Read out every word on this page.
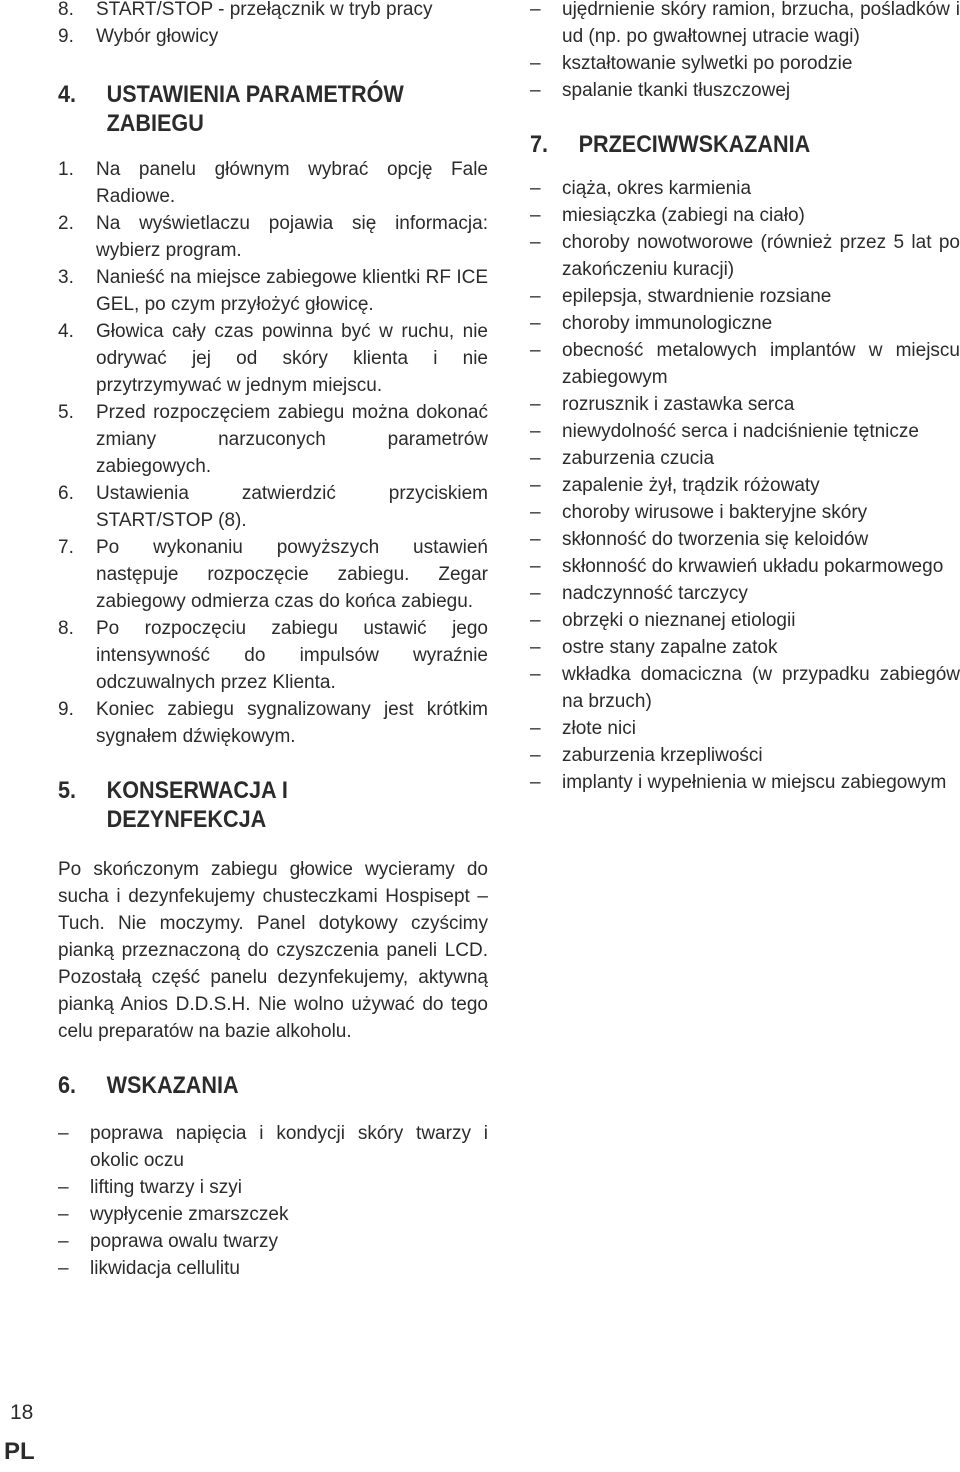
8. START/STOP - przełącznik w tryb pracy
9. Wybór głowicy
4.	USTAWIENIA PARAMETRÓW ZABIEGU
1. Na panelu głównym wybrać opcję Fale Radiowe.
2. Na wyświetlaczu pojawia się informacja: wybierz program.
3. Nanieść na miejsce zabiegowe klientki RF ICE GEL, po czym przyłożyć głowicę.
4. Głowica cały czas powinna być w ruchu, nie odrywać jej od skóry klienta i nie przytrzymywać w jednym miejscu.
5. Przed rozpoczęciem zabiegu można dokonać zmiany narzuconych parametrów zabiegowych.
6. Ustawienia zatwierdzić przyciskiem START/STOP (8).
7. Po wykonaniu powyższych ustawień następuje rozpoczęcie zabiegu. Zegar zabiegowy odmierza czas do końca zabiegu.
8. Po rozpoczęciu zabiegu ustawić jego intensywność do impulsów wyraźnie odczuwalnych przez Klienta.
9. Koniec zabiegu sygnalizowany jest krótkim sygnałem dźwiękowym.
5.	KONSERWACJA I DEZYNFEKCJA
Po skończonym zabiegu głowice wycieramy do sucha i dezynfekujemy chusteczkami Hospisept – Tuch. Nie moczymy. Panel dotykowy czyścimy pianką przeznaczoną do czyszczenia paneli LCD. Pozostałą część panelu dezynfekujemy, aktywną pianką Anios D.D.S.H. Nie wolno używać do tego celu preparatów na bazie alkoholu.
6.	WSKAZANIA
– poprawa napięcia i kondycji skóry twarzy i okolic oczu
– lifting twarzy i szyi
– wypłycenie zmarszczek
– poprawa owalu twarzy
– likwidacja cellulitu
– ujędrnienie skóry ramion, brzucha, pośladków i ud (np. po gwałtownej utracie wagi)
– kształtowanie sylwetki po porodzie
– spalanie tkanki tłuszczowej
7.	PRZECIWWSKAZANIA
– ciąża, okres karmienia
– miesiączka (zabiegi na ciało)
– choroby nowotworowe (również przez 5 lat po zakończeniu kuracji)
– epilepsja, stwardnienie rozsiane
– choroby immunologiczne
– obecność metalowych implantów w miejscu zabiegowym
– rozrusznik i zastawka serca
– niewydolność serca i nadciśnienie tętnicze
– zaburzenia czucia
– zapalenie żył, trądzik różowaty
– choroby wirusowe i bakteryjne skóry
– skłonność do tworzenia się keloidów
– skłonność do krwawień układu pokarmowego
– nadczynność tarczycy
– obrzęki o nieznanej etiologii
– ostre stany zapalne zatok
– wkładka domaciczna (w przypadku zabiegów na brzuch)
– złote nici
– zaburzenia krzepliwości
– implanty i wypełnienia w miejscu zabiegowym
18
PL
